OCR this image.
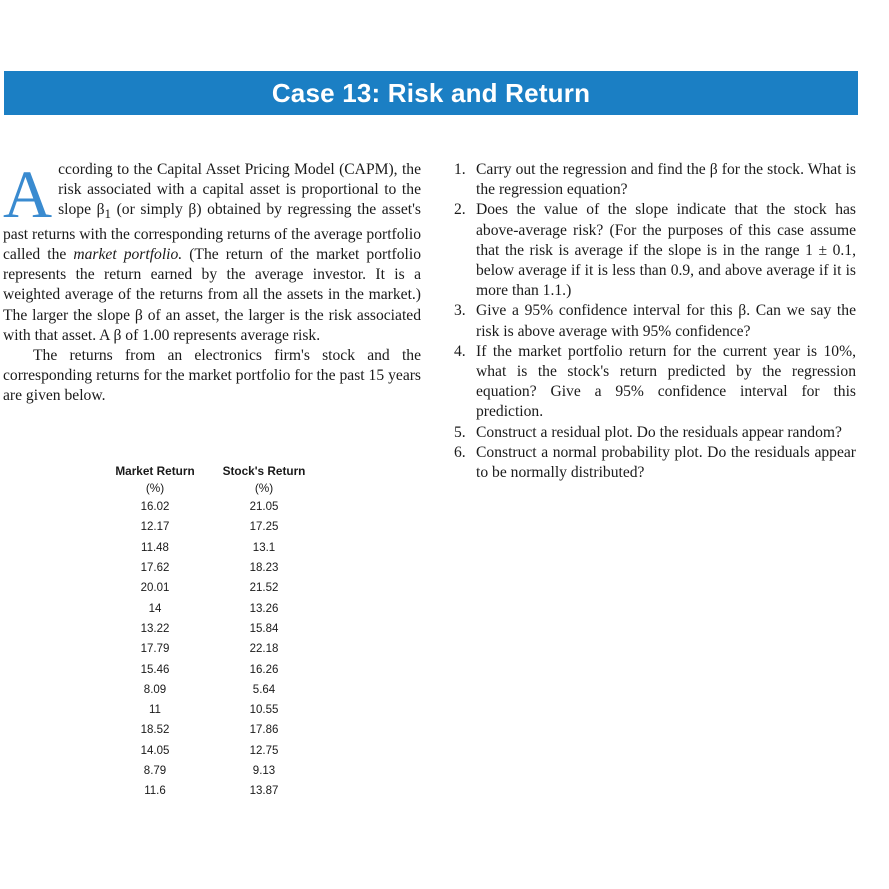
Case 13: Risk and Return

According to the Capital Asset Pricing Model (CAPM), the risk associated with a capital asset is proportional to the slope $\beta_1$ (or simply β) obtained by regressing the asset's past returns with the corresponding returns of the average portfolio called the market portfolio. (The return of the market portfolio represents the return earned by the average investor. It is a weighted average of the returns from all the assets in the market.) The larger the slope β of an asset, the larger is the risk associated with that asset. A β of 1.00 represents average risk.

The returns from an electronics firm's stock and the corresponding returns for the market portfolio for the past 15 years are given below.

Market Return	Stock's Return
(%)	(%)
16.02	21.05
12.17	17.25
11.48	13.1
17.62	18.23
20.01	21.52
14	13.26
13.22	15.84
17.79	22.18
15.46	16.26
8.09	5.64
11	10.55
18.52	17.86
14.05	12.75
8.79	9.13
11.6	13.87
1. Carry out the regression and find the β for the stock. What is the regression equation?
2. Does the value of the slope indicate that the stock has above-average risk? (For the purposes of this case assume that the risk is average if the slope is in the range 1 ± 0.1, below average if it is less than 0.9, and above average if it is more than 1.1.)
3. Give a 95% confidence interval for this β. Can we say the risk is above average with 95% confidence?
4. If the market portfolio return for the current year is 10%, what is the stock's return predicted by the regression equation? Give a 95% confidence interval for this prediction.
5. Construct a residual plot. Do the residuals appear random?
6. Construct a normal probability plot. Do the residuals appear to be normally distributed?
